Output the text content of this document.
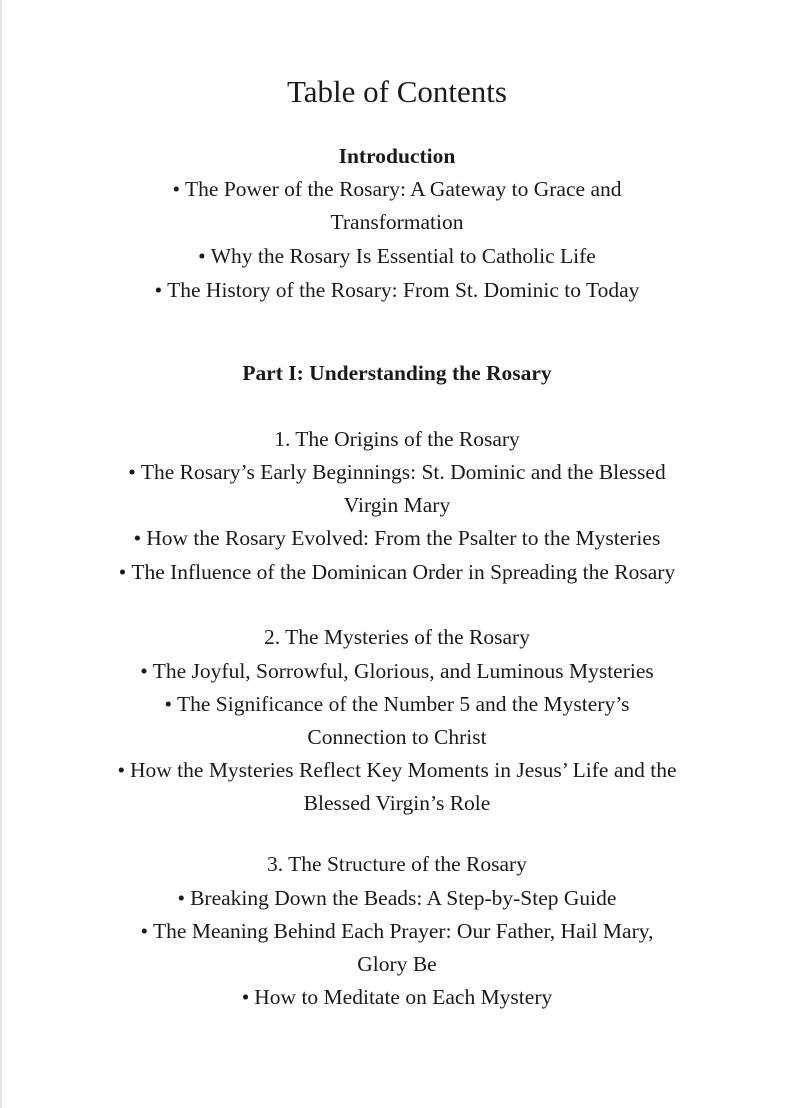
Table of Contents
Introduction
• The Power of the Rosary: A Gateway to Grace and
Transformation
• Why the Rosary Is Essential to Catholic Life
• The History of the Rosary: From St. Dominic to Today
Part I: Understanding the Rosary
1. The Origins of the Rosary
• The Rosary’s Early Beginnings: St. Dominic and the Blessed
Virgin Mary
• How the Rosary Evolved: From the Psalter to the Mysteries
• The Influence of the Dominican Order in Spreading the Rosary
2. The Mysteries of the Rosary
• The Joyful, Sorrowful, Glorious, and Luminous Mysteries
• The Significance of the Number 5 and the Mystery’s
Connection to Christ
• How the Mysteries Reflect Key Moments in Jesus’ Life and the
Blessed Virgin’s Role
3. The Structure of the Rosary
• Breaking Down the Beads: A Step-by-Step Guide
• The Meaning Behind Each Prayer: Our Father, Hail Mary,
Glory Be
• How to Meditate on Each Mystery
